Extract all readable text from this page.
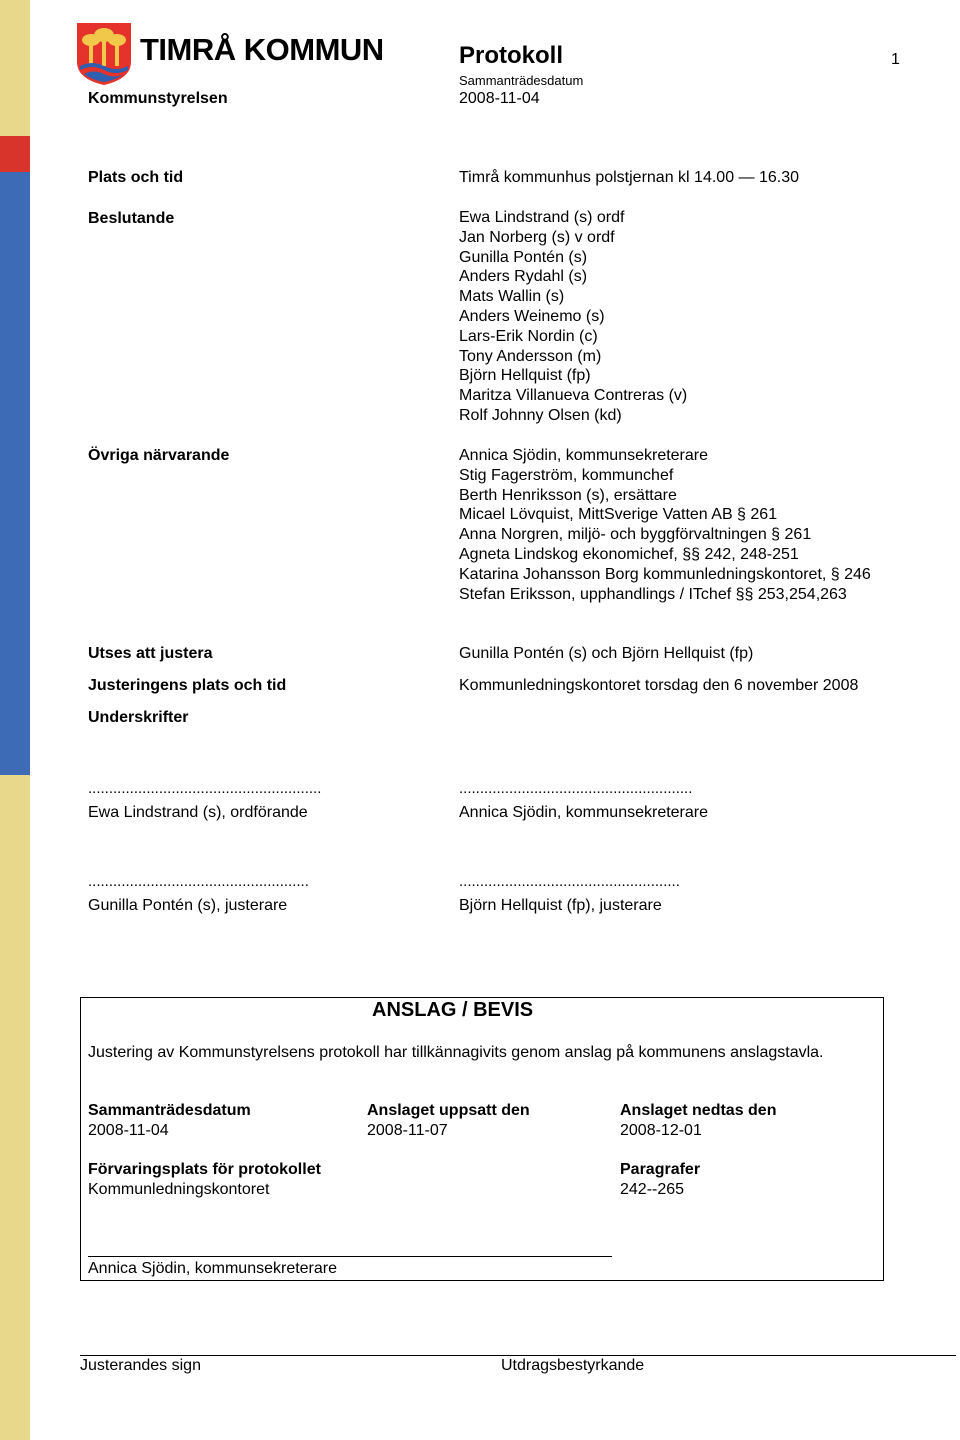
TIMRÅ KOMMUN
Kommunstyrelsen
Protokoll
Sammanträdesdatum
2008-11-04
1
Plats och tid	Timrå kommunhus polstjernan kl 14.00 — 16.30
Beslutande	Ewa Lindstrand (s) ordf

Jan Norberg (s) v ordf

Gunilla Pontén (s)

Anders Rydahl (s)

Mats Wallin (s)

Anders Weinemo (s)

Lars-Erik Nordin (c)

Tony Andersson (m)

Björn Hellquist (fp)

Maritza Villanueva Contreras (v)

Rolf Johnny Olsen (kd)

Övriga närvarande	Annica Sjödin, kommunsekreterare

Stig Fagerström, kommunchef

Berth Henriksson (s), ersättare

Micael Lövquist, MittSverige Vatten AB § 261

Anna Norgren, miljö- och byggförvaltningen § 261

Agneta Lindskog ekonomichef, §§ 242, 248-251

Katarina Johansson Borg kommunledningskontoret, § 246

Stefan Eriksson, upphandlings / ITchef §§ 253,254,263

Utses att justera	Gunilla Pontén (s) och Björn Hellquist (fp)
Justeringens plats och tid	Kommunledningskontoret torsdag den 6 november 2008
Underskrifter
........................................................
Ewa Lindstrand (s), ordförande
........................................................
Annica Sjödin, kommunsekreterare
.....................................................
Gunilla Pontén (s), justerare
.....................................................
Björn Hellquist (fp), justerare
ANSLAG / BEVIS
Justering av Kommunstyrelsens protokoll har tillkännagivits genom anslag på kommunens anslagstavla.
Sammanträdesdatum
2008-11-04
Anslaget uppsatt den
2008-11-07
Anslaget nedtas den
2008-12-01
Förvaringsplats för protokollet
Kommunledningskontoret
Paragrafer
242--265
Annica Sjödin, kommunsekreterare
Justerandes sign	Utdragsbestyrkande
